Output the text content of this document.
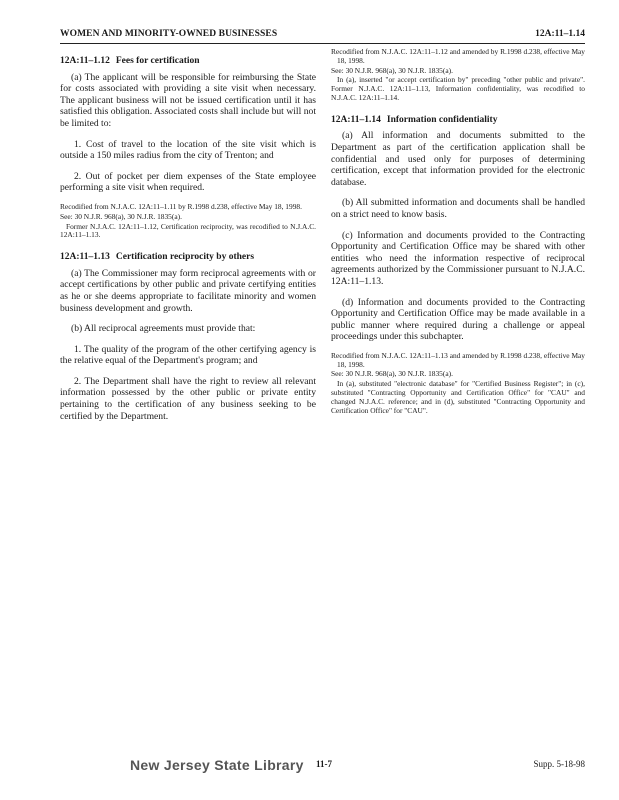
WOMEN AND MINORITY-OWNED BUSINESSES	12A:11–1.14
12A:11–1.12 Fees for certification

(a) The applicant will be responsible for reimbursing the State for costs associated with providing a site visit when necessary. The applicant business will not be issued certification until it has satisfied this obligation. Associated costs shall include but will not be limited to:

1. Cost of travel to the location of the site visit which is outside a 150 miles radius from the city of Trenton; and

2. Out of pocket per diem expenses of the State employee performing a site visit when required.

Recodified from N.J.A.C. 12A:11–1.11 by R.1998 d.238, effective May 18, 1998.
See: 30 N.J.R. 968(a), 30 N.J.R. 1835(a).
Former N.J.A.C. 12A:11–1.12, Certification reciprocity, was recodified to N.J.A.C. 12A:11–1.13.
12A:11–1.13 Certification reciprocity by others

(a) The Commissioner may form reciprocal agreements with or accept certifications by other public and private certifying entities as he or she deems appropriate to facilitate minority and women business development and growth.

(b) All reciprocal agreements must provide that:

1. The quality of the program of the other certifying agency is the relative equal of the Department's program; and

2. The Department shall have the right to review all relevant information possessed by the other public or private entity pertaining to the certification of any business seeking to be certified by the Department.

Recodified from N.J.A.C. 12A:11–1.12 and amended by R.1998 d.238, effective May 18, 1998.
See: 30 N.J.R. 968(a), 30 N.J.R. 1835(a).
In (a), inserted "or accept certification by" preceding "other public and private". Former N.J.A.C. 12A:11–1.13, Information confidentiality, was recodified to N.J.A.C. 12A:11–1.14.
12A:11–1.14 Information confidentiality

(a) All information and documents submitted to the Department as part of the certification application shall be confidential and used only for purposes of determining certification, except that information provided for the electronic database.

(b) All submitted information and documents shall be handled on a strict need to know basis.

(c) Information and documents provided to the Contracting Opportunity and Certification Office may be shared with other entities who need the information respective of reciprocal agreements authorized by the Commissioner pursuant to N.J.A.C. 12A:11–1.13.

(d) Information and documents provided to the Contracting Opportunity and Certification Office may be made available in a public manner where required during a challenge or appeal proceedings under this subchapter.

Recodified from N.J.A.C. 12A:11–1.13 and amended by R.1998 d.238, effective May 18, 1998.
See: 30 N.J.R. 968(a), 30 N.J.R. 1835(a).
In (a), substituted "electronic database" for "Certified Business Register"; in (c), substituted "Contracting Opportunity and Certification Office" for "CAU" and changed N.J.A.C. reference; and in (d), substituted "Contracting Opportunity and Certification Office" for "CAU".
New Jersey State Library 11-7	Supp. 5-18-98
